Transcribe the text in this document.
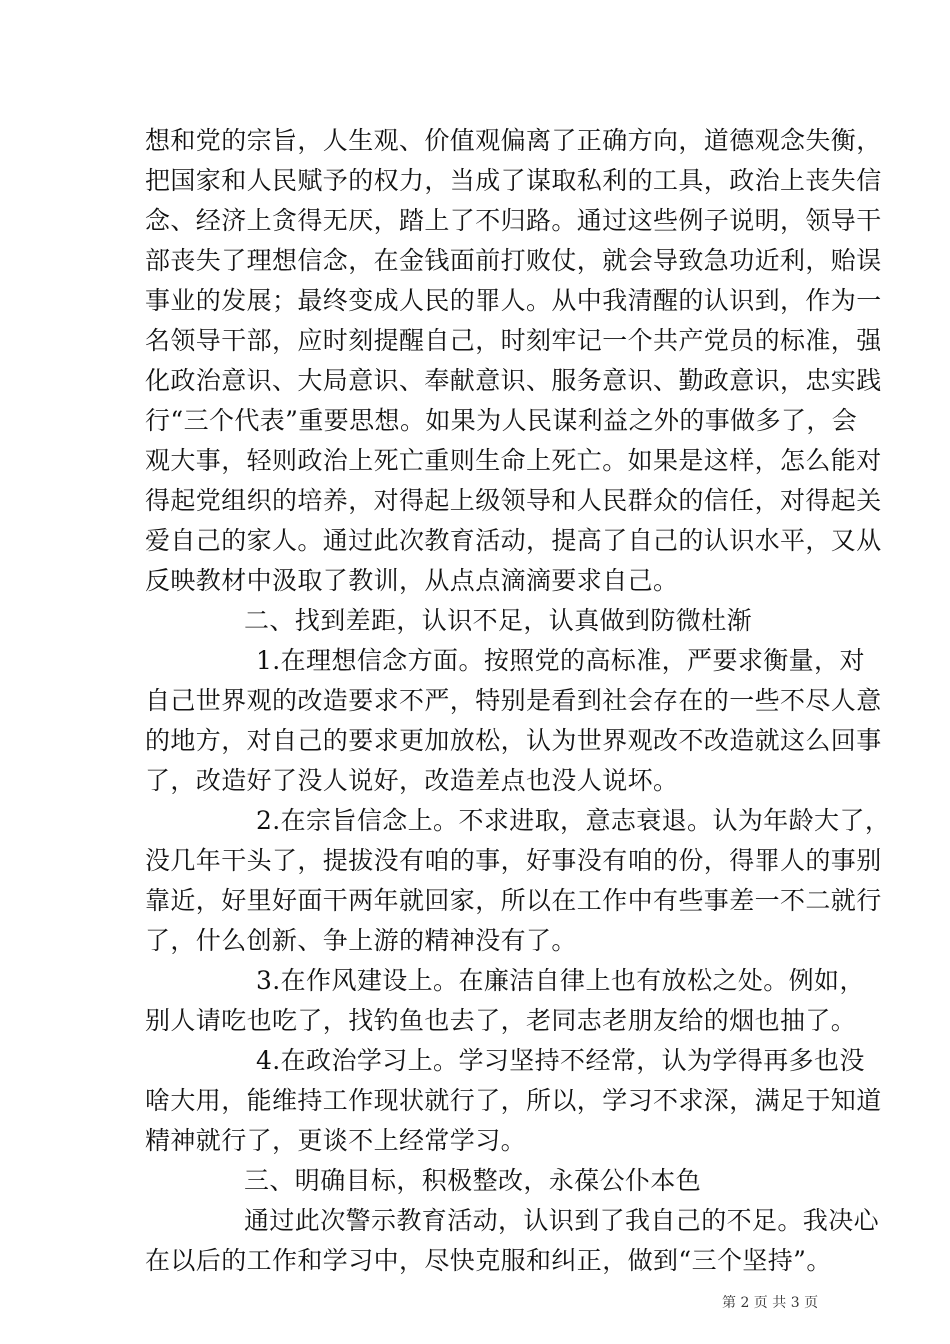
想和党的宗旨，人生观、价值观偏离了正确方向，道德观念失衡，
把国家和人民赋予的权力，当成了谋取私利的工具，政治上丧失信
念、经济上贪得无厌，踏上了不归路。通过这些例子说明，领导干
部丧失了理想信念，在金钱面前打败仗，就会导致急功近利，贻误
事业的发展；最终变成人民的罪人。从中我清醒的认识到，作为一
名领导干部，应时刻提醒自己，时刻牢记一个共产党员的标准，强
化政治意识、大局意识、奉献意识、服务意识、勤政意识，忠实践
行“三个代表”重要思想。如果为人民谋利益之外的事做多了，会
观大事，轻则政治上死亡重则生命上死亡。如果是这样，怎么能对
得起党组织的培养，对得起上级领导和人民群众的信任，对得起关
爱自己的家人。通过此次教育活动，提高了自己的认识水平，又从
反映教材中汲取了教训，从点点滴滴要求自己。
二、找到差距，认识不足，认真做到防微杜渐
1.在理想信念方面。按照党的高标准，严要求衡量，对
自己世界观的改造要求不严，特别是看到社会存在的一些不尽人意
的地方，对自己的要求更加放松，认为世界观改不改造就这么回事
了，改造好了没人说好，改造差点也没人说坏。
2.在宗旨信念上。不求进取，意志衰退。认为年龄大了，
没几年干头了，提拔没有咱的事，好事没有咱的份，得罪人的事别
靠近，好里好面干两年就回家，所以在工作中有些事差一不二就行
了，什么创新、争上游的精神没有了。
3.在作风建设上。在廉洁自律上也有放松之处。例如，
别人请吃也吃了，找钓鱼也去了，老同志老朋友给的烟也抽了。
4.在政治学习上。学习坚持不经常，认为学得再多也没
啥大用，能维持工作现状就行了，所以，学习不求深，满足于知道
精神就行了，更谈不上经常学习。
三、明确目标，积极整改，永葆公仆本色
通过此次警示教育活动，认识到了我自己的不足。我决心
在以后的工作和学习中，尽快克服和纠正，做到“三个坚持”。
第 2 页 共 3 页
